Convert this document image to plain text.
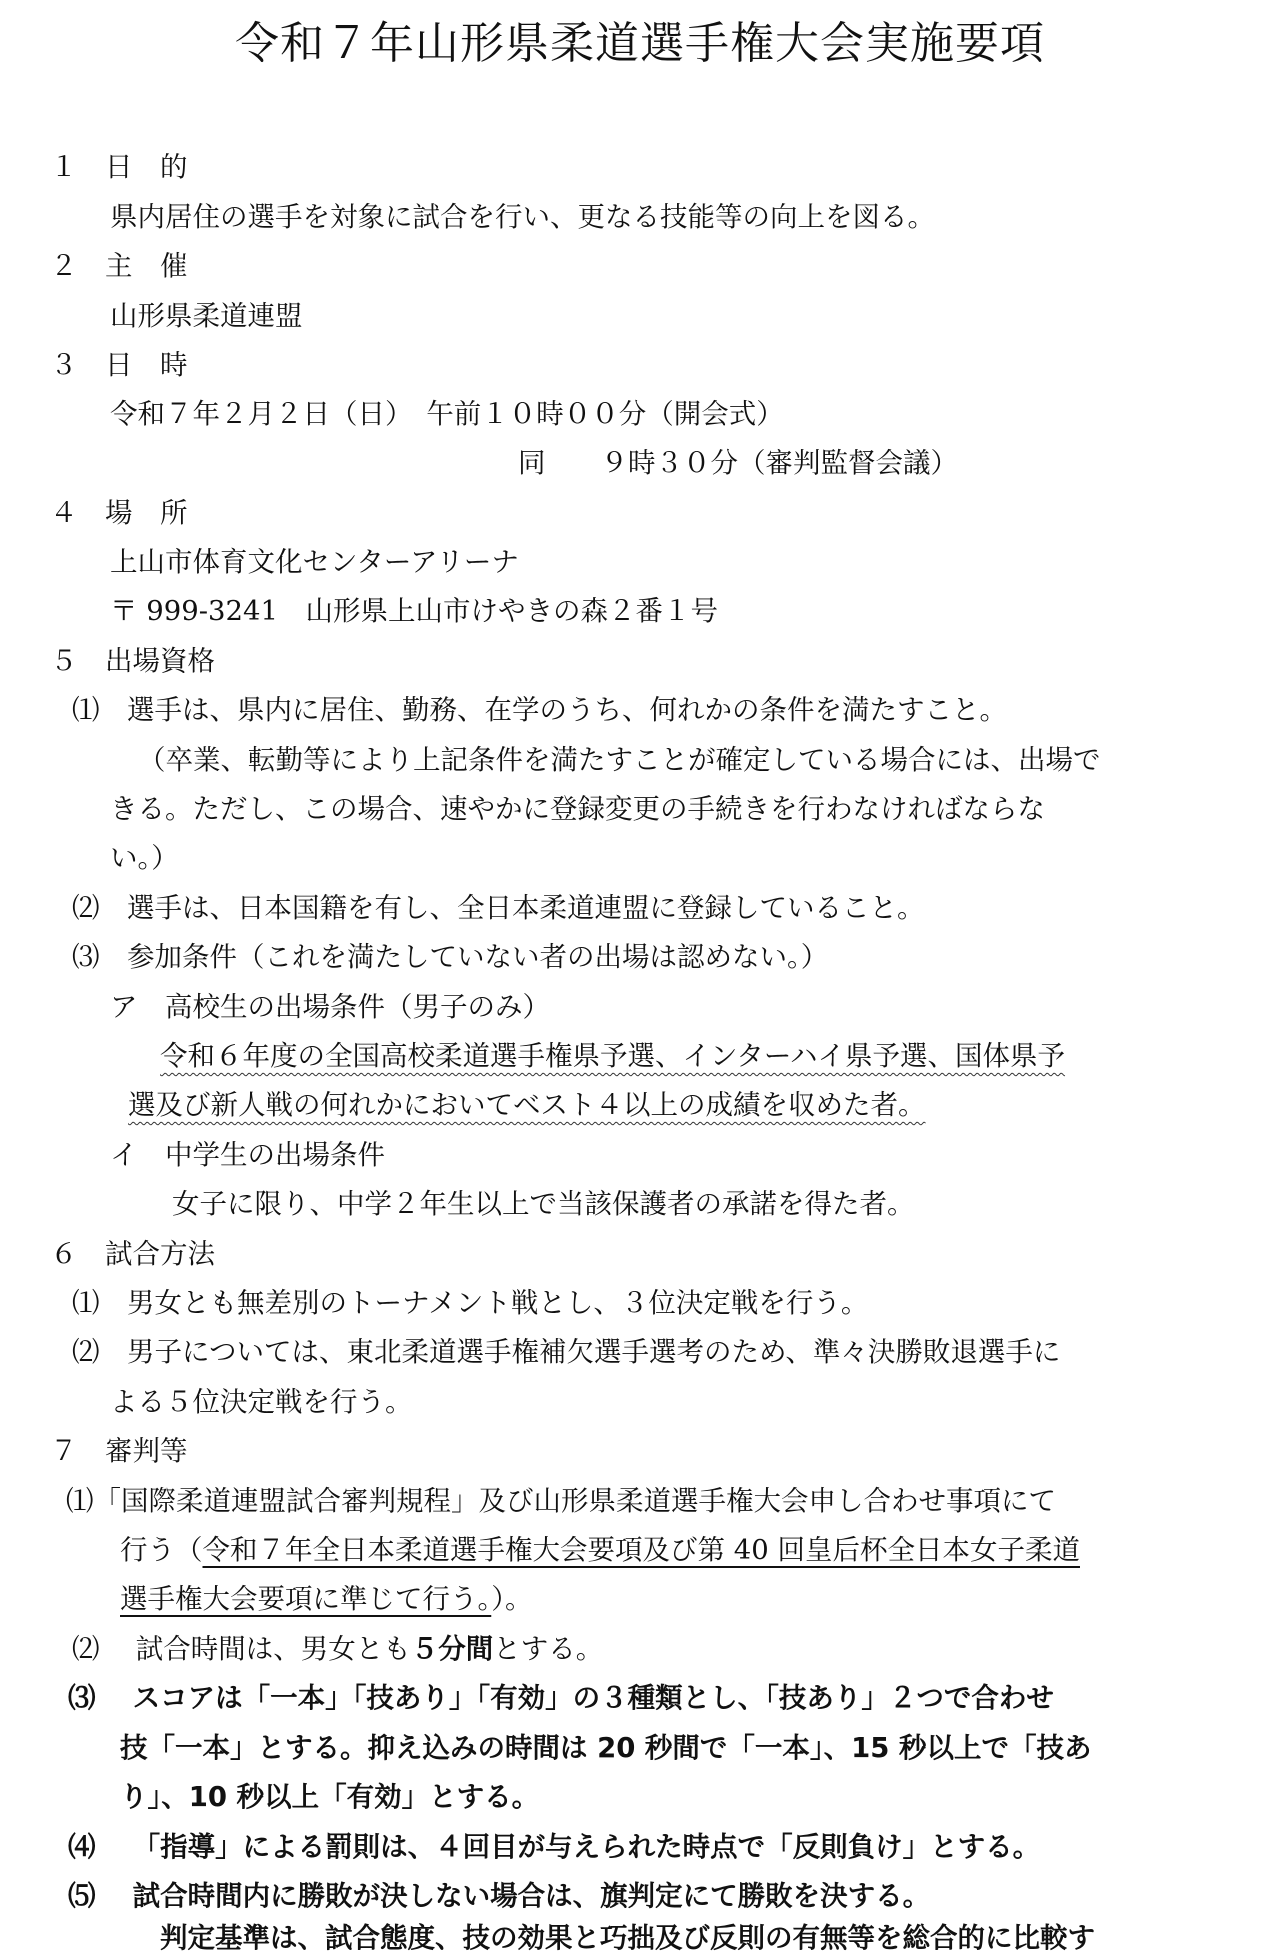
令和７年山形県柔道選手権大会実施要項

１　日　的

県内居住の選手を対象に試合を行い、更なる技能等の向上を図る。

２　主　催

山形県柔道連盟

３　日　時

令和７年２月２日（日）　午前１０時００分（開会式）

同　　９時３０分（審判監督会議）

４　場　所

上山市体育文化センターアリーナ

〒 999-3241　山形県上山市けやきの森２番１号

５　出場資格

⑴　選手は、県内に居住、勤務、在学のうち、何れかの条件を満たすこと。

（卒業、転勤等により上記条件を満たすことが確定している場合には、出場で

きる。ただし、この場合、速やかに登録変更の手続きを行わなければならな

い。）

⑵　選手は、日本国籍を有し、全日本柔道連盟に登録していること。

⑶　参加条件（これを満たしていない者の出場は認めない。）

ア　高校生の出場条件（男子のみ）

令和６年度の全国高校柔道選手権県予選、インターハイ県予選、国体県予

選及び新人戦の何れかにおいてベスト４以上の成績を収めた者。

イ　中学生の出場条件

女子に限り、中学２年生以上で当該保護者の承諾を得た者。

６　試合方法

⑴　男女とも無差別のトーナメント戦とし、３位決定戦を行う。

⑵　男子については、東北柔道選手権補欠選手選考のため、準々決勝敗退選手に

よる５位決定戦を行う。

７　審判等

⑴「国際柔道連盟試合審判規程」及び山形県柔道選手権大会申し合わせ事項にて

行う（令和７年全日本柔道選手権大会要項及び第 40 回皇后杯全日本女子柔道

選手権大会要項に準じて行う。）。

⑵　 試合時間は、男女とも５分間とする。

⑶　 スコアは「一本」「技あり」「有効」の３種類とし、「技あり」２つで合わせ

技「一本」とする。抑え込みの時間は 20 秒間で「一本」、15 秒以上で「技あ

り」、10 秒以上「有効」とする。

⑷　 「指導」による罰則は、４回目が与えられた時点で「反則負け」とする。

⑸　 試合時間内に勝敗が決しない場合は、旗判定にて勝敗を決する。

判定基準は、試合態度、技の効果と巧拙及び反則の有無等を総合的に比較す
